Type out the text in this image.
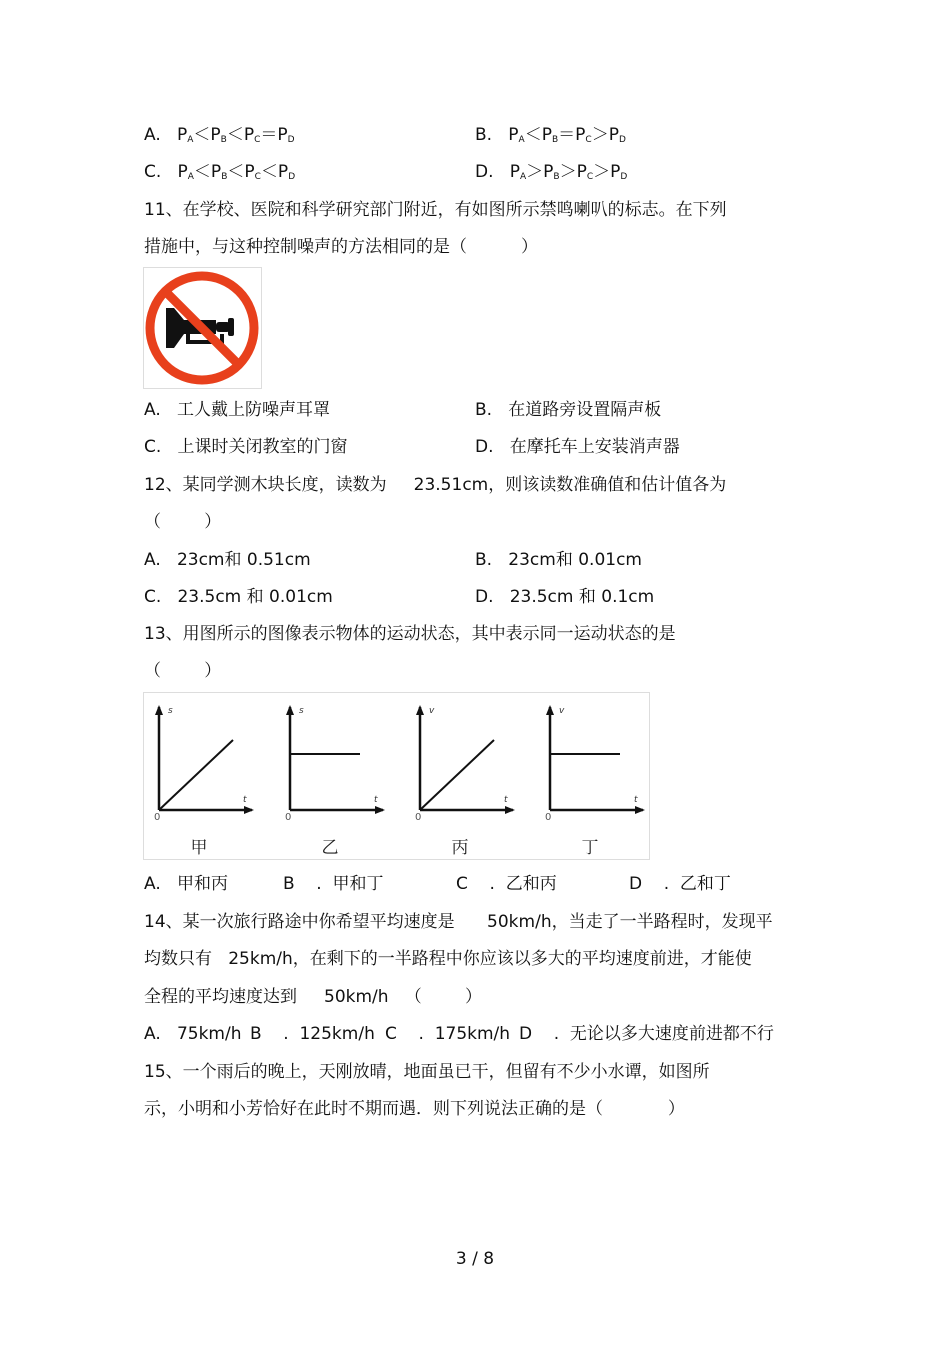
A.   $P_A<P_B<P_C=P_D$	B.   $P_A<P_B=P_C>P_D$
C.   $P_A<P_B<P_C<P_D$	D.   $P_A>P_B>P_C>P_D$
11、在学校、医院和科学研究部门附近，有如图所示禁鸣喇叭的标志。在下列
措施中，与这种控制噪声的方法相同的是（          ）
A.   工人戴上防噪声耳罩	B.   在道路旁设置隔声板
C.   上课时关闭教室的门窗	D.   在摩托车上安装消声器
12、某同学测木块长度，读数为     23.51cm，则该读数准确值和估计值各为
（        ）
A.   23cm和 0.51cm	B.   23cm和 0.01cm
C.   23.5cm 和 0.01cm	D.   23.5cm 和 0.1cm
13、用图所示的图像表示物体的运动状态，其中表示同一运动状态的是
（        ）
s
t
0
甲
s
t
0
乙
v
t
0
丙
v
t
0
丁
A.   甲和丙	B    .  甲和丁	C    .  乙和丙	D    .  乙和丁
14、某一次旅行路途中你希望平均速度是      50km/h，当走了一半路程时，发现平
均数只有   25km/h，在剩下的一半路程中你应该以多大的平均速度前进，才能使
全程的平均速度达到     50km/h   （        ）
A.   75km/h B    .  125km/h C    .  175km/h D    .  无论以多大速度前进都不行
15、一个雨后的晚上，天刚放晴，地面虽已干，但留有不少小水谭，如图所
示，小明和小芳恰好在此时不期而遇．则下列说法正确的是（            ）
3 / 8
